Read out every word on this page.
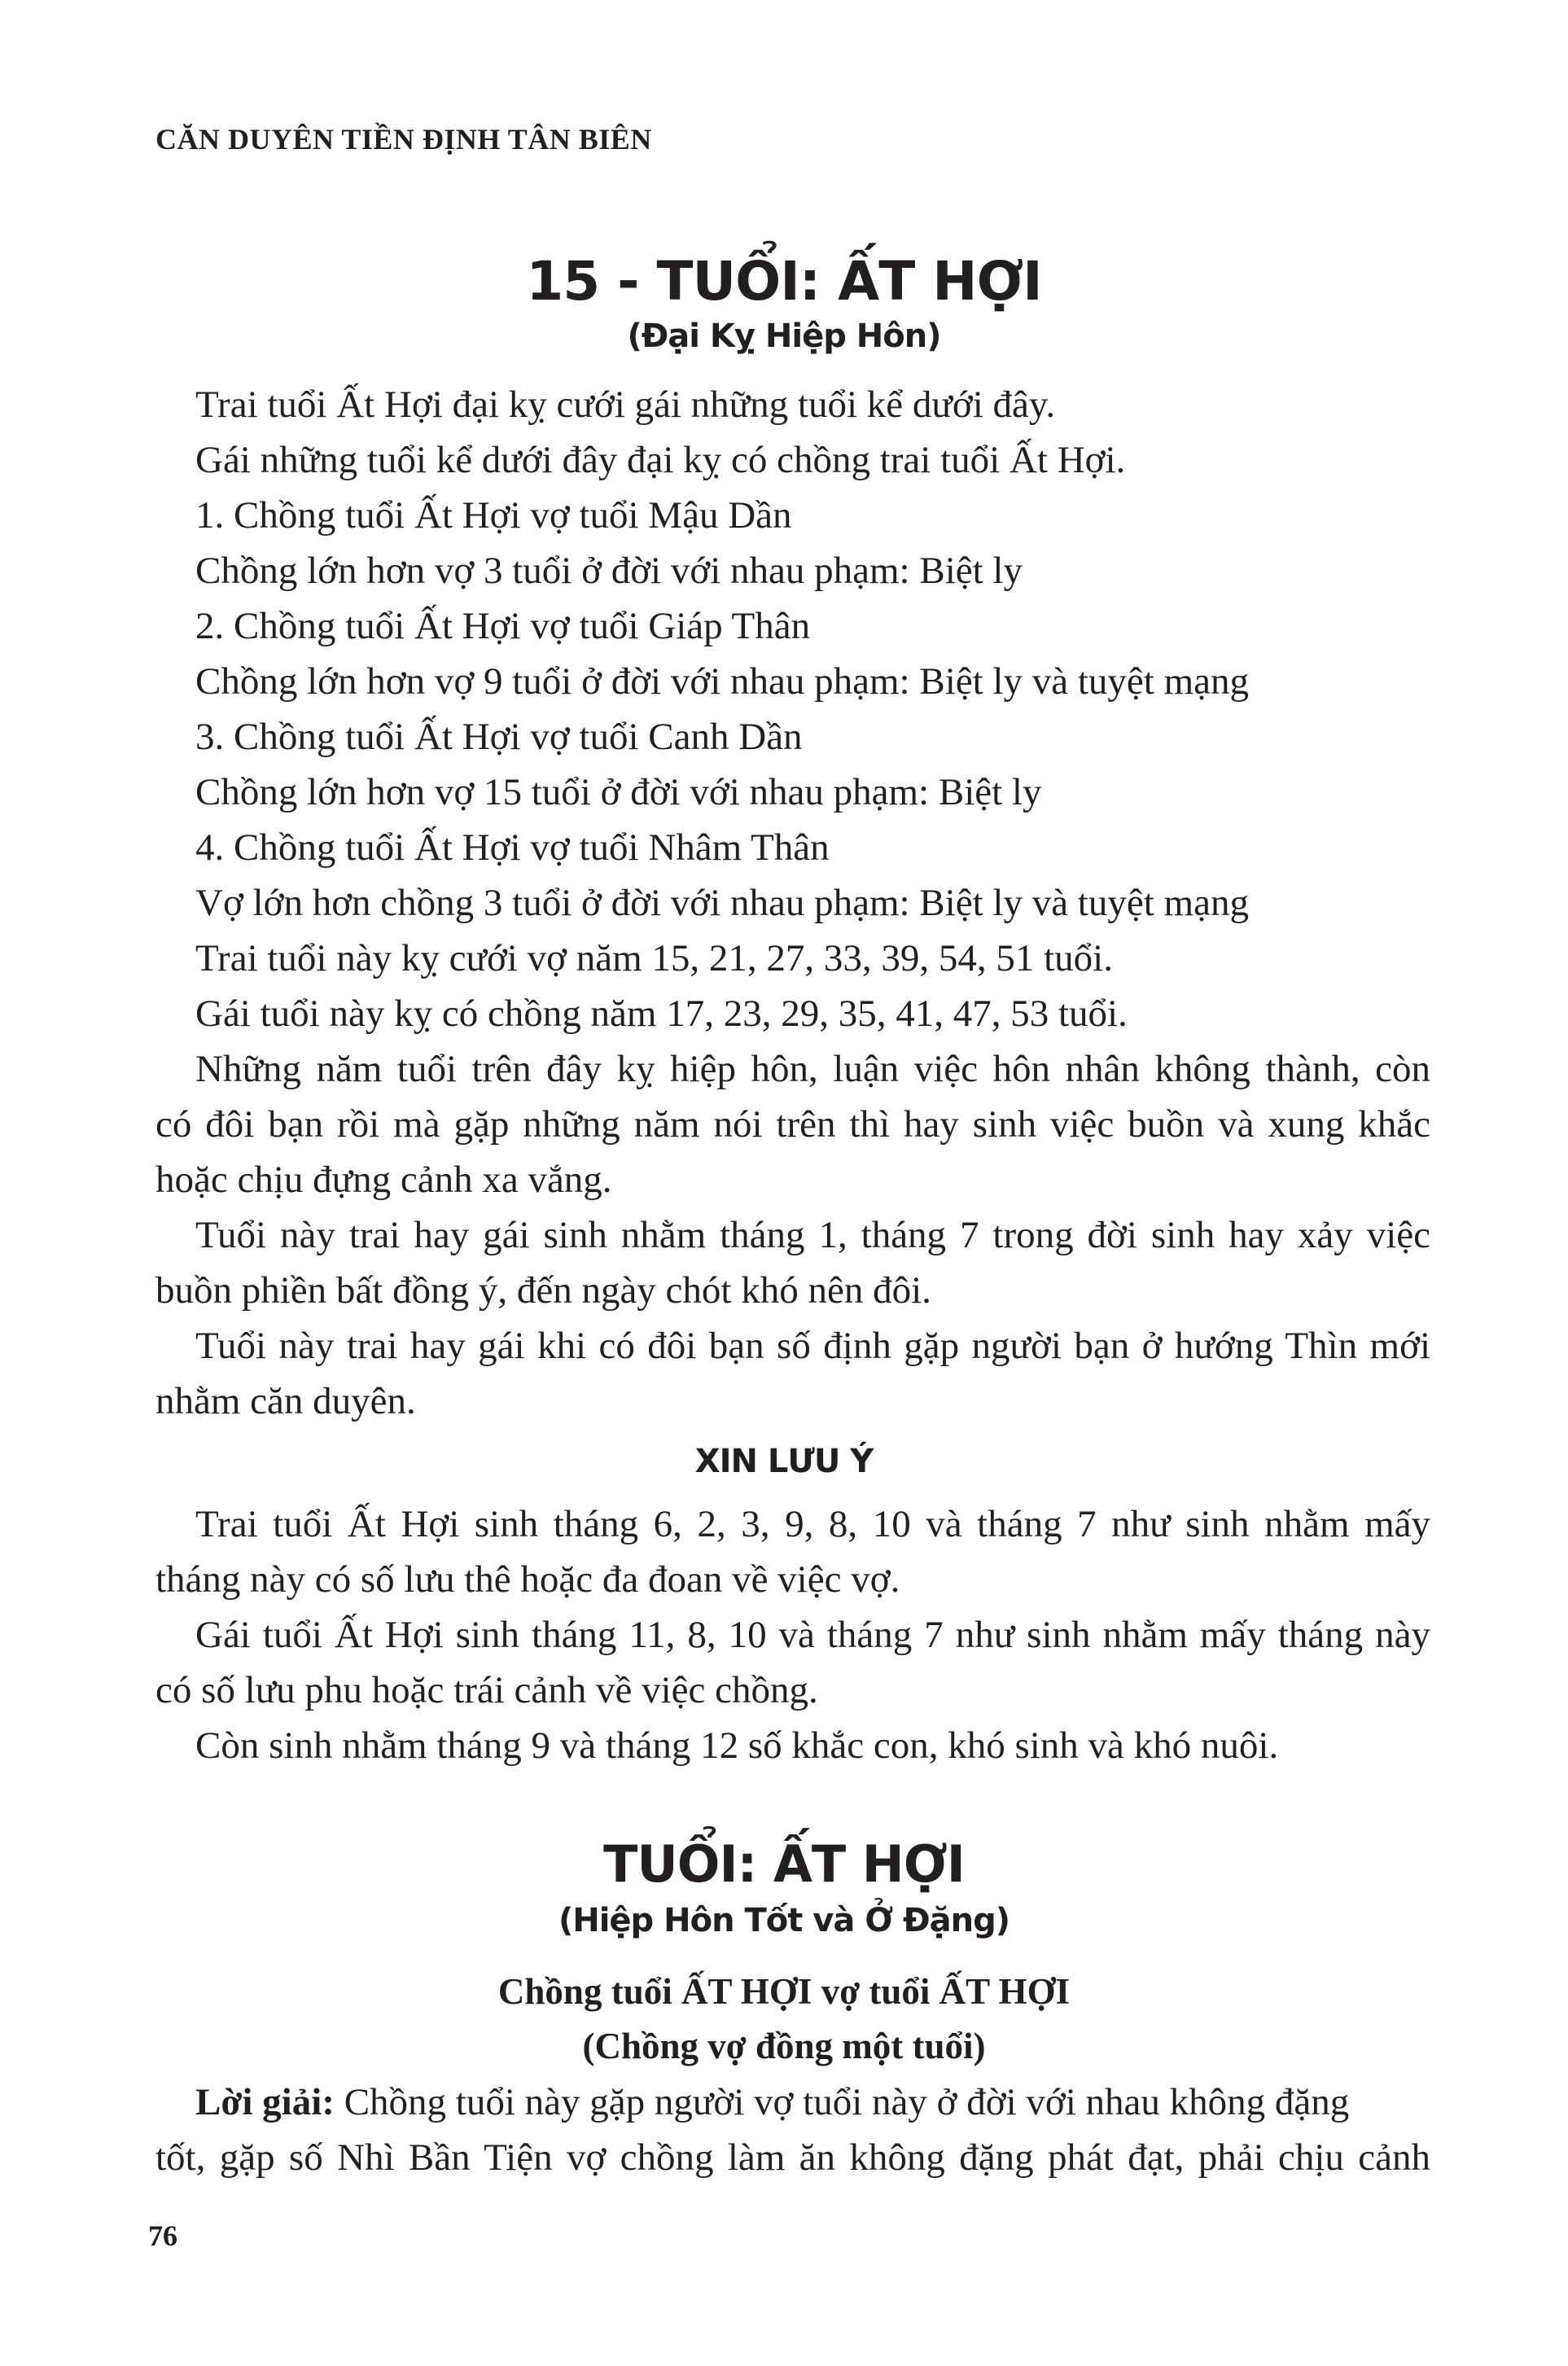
CĂN DUYÊN TIỀN ĐỊNH TÂN BIÊN
15 - TUỔI: ẤT HỢI
(Đại Kỵ Hiệp Hôn)
Trai tuổi Ất Hợi đại kỵ cưới gái những tuổi kể dưới đây.
Gái những tuổi kể dưới đây đại kỵ có chồng trai tuổi Ất Hợi.
1. Chồng tuổi Ất Hợi vợ tuổi Mậu Dần
Chồng lớn hơn vợ 3 tuổi ở đời với nhau phạm: Biệt ly
2. Chồng tuổi Ất Hợi vợ tuổi Giáp Thân
Chồng lớn hơn vợ 9 tuổi ở đời với nhau phạm: Biệt ly và tuyệt mạng
3. Chồng tuổi Ất Hợi vợ tuổi Canh Dần
Chồng lớn hơn vợ 15 tuổi ở đời với nhau phạm: Biệt ly
4. Chồng tuổi Ất Hợi vợ tuổi Nhâm Thân
Vợ lớn hơn chồng 3 tuổi ở đời với nhau phạm: Biệt ly và tuyệt mạng
Trai tuổi này kỵ cưới vợ năm 15, 21, 27, 33, 39, 54, 51 tuổi.
Gái tuổi này kỵ có chồng năm 17, 23, 29, 35, 41, 47, 53 tuổi.
Những năm tuổi trên đây kỵ hiệp hôn, luận việc hôn nhân không thành, còn
có đôi bạn rồi mà gặp những năm nói trên thì hay sinh việc buồn và xung khắc
hoặc chịu đựng cảnh xa vắng.
Tuổi này trai hay gái sinh nhằm tháng 1, tháng 7 trong đời sinh hay xảy việc
buồn phiền bất đồng ý, đến ngày chót khó nên đôi.
Tuổi này trai hay gái khi có đôi bạn số định gặp người bạn ở hướng Thìn mới
nhằm căn duyên.
XIN LƯU Ý
Trai tuổi Ất Hợi sinh tháng 6, 2, 3, 9, 8, 10 và tháng 7 như sinh nhằm mấy
tháng này có số lưu thê hoặc đa đoan về việc vợ.
Gái tuổi Ất Hợi sinh tháng 11, 8, 10 và tháng 7 như sinh nhằm mấy tháng này
có số lưu phu hoặc trái cảnh về việc chồng.
Còn sinh nhằm tháng 9 và tháng 12 số khắc con, khó sinh và khó nuôi.
TUỔI: ẤT HỢI
(Hiệp Hôn Tốt và Ở Đặng)
Chồng tuổi ẤT HỢI vợ tuổi ẤT HỢI
(Chồng vợ đồng một tuổi)
Lời giải: Chồng tuổi này gặp người vợ tuổi này ở đời với nhau không đặng
tốt, gặp số Nhì Bần Tiện vợ chồng làm ăn không đặng phát đạt, phải chịu cảnh
76
